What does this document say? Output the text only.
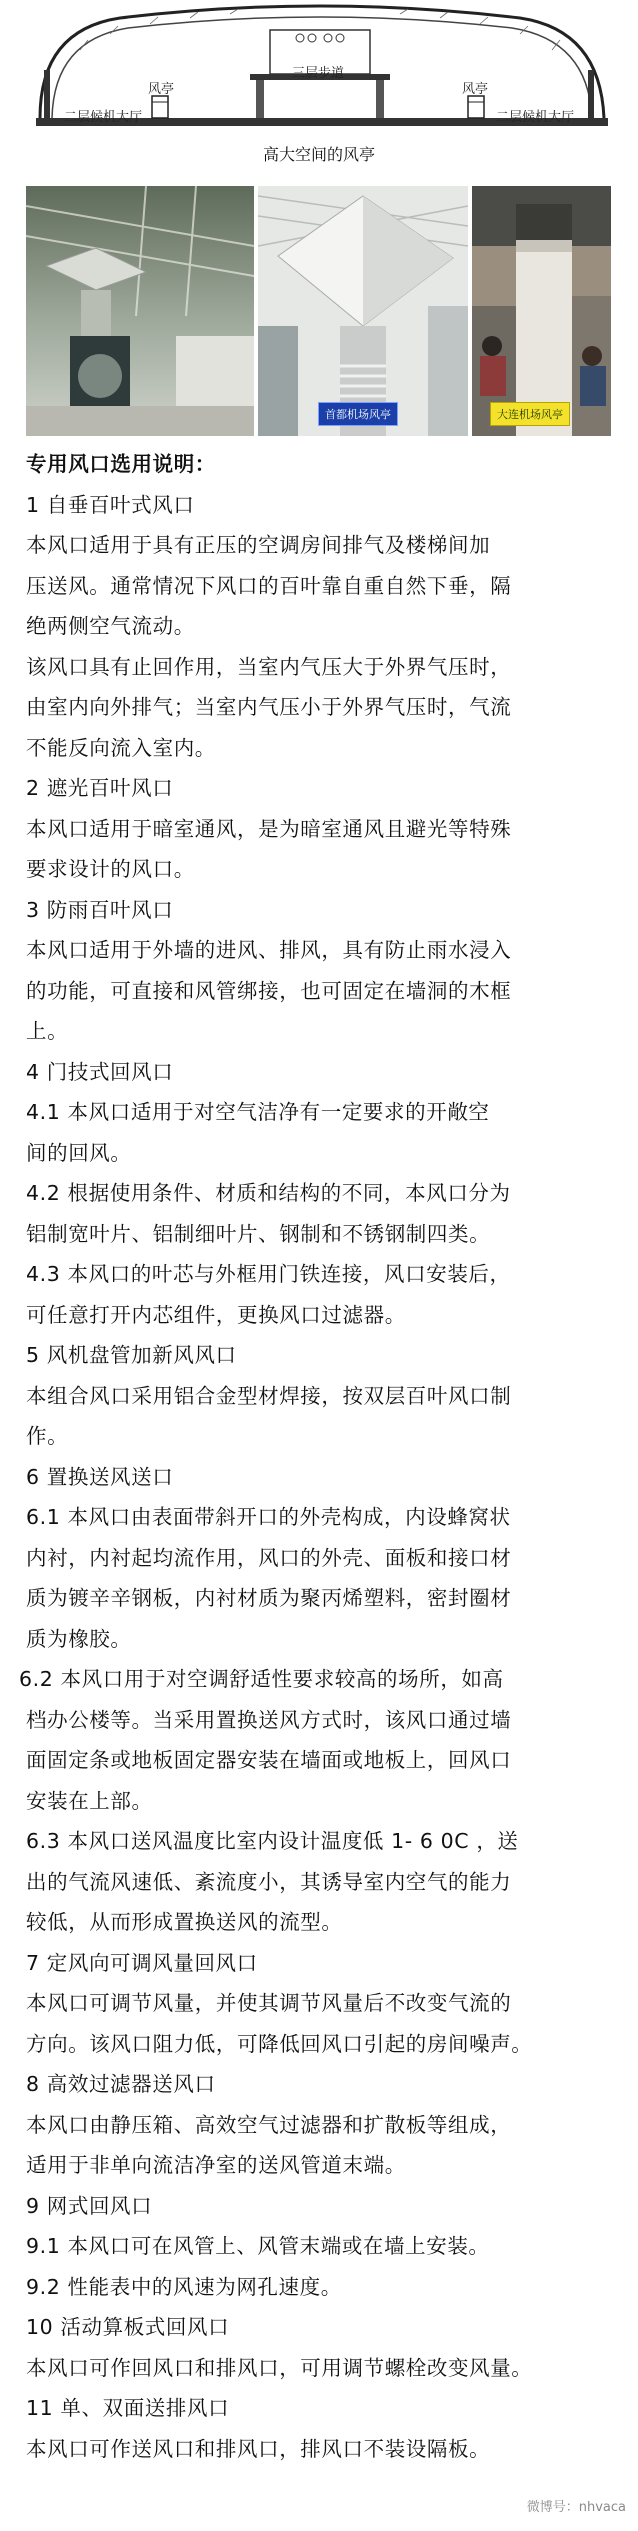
风亭	风亭
三层步道
二层候机大厅	二层候机大厅
高大空间的风亭
首都机场风亭	大连机场风亭
专用风口选用说明：
1 自垂百叶式风口
本风口适用于具有正压的空调房间排气及楼梯间加
压送风。通常情况下风口的百叶靠自重自然下垂，隔
绝两侧空气流动。
该风口具有止回作用，当室内气压大于外界气压时，
由室内向外排气；当室内气压小于外界气压时，气流
不能反向流入室内。
2 遮光百叶风口
本风口适用于暗室通风，是为暗室通风且避光等特殊
要求设计的风口。
3 防雨百叶风口
本风口适用于外墙的进风、排风，具有防止雨水浸入
的功能，可直接和风管绑接，也可固定在墙洞的木框
上。
4 门技式回风口
4.1 本风口适用于对空气洁净有一定要求的开敞空
间的回风。
4.2 根据使用条件、材质和结构的不同，本风口分为
铝制宽叶片、铝制细叶片、钢制和不锈钢制四类。
4.3 本风口的叶芯与外框用门铁连接，风口安装后，
可任意打开内芯组件，更换风口过滤器。
5 风机盘管加新风风口
本组合风口采用铝合金型材焊接，按双层百叶风口制
作。
6 置换送风送口
6.1 本风口由表面带斜开口的外壳构成，内设蜂窝状
内衬，内衬起均流作用，风口的外壳、面板和接口材
质为镀辛辛钢板，内衬材质为聚丙烯塑料，密封圈材
质为橡胶。
6.2 本风口用于对空调舒适性要求较高的场所，如高
档办公楼等。当采用置换送风方式时，该风口通过墙
面固定条或地板固定器安装在墙面或地板上，回风口
安装在上部。
6.3 本风口送风温度比室内设计温度低 1- 6 0C ，送
出的气流风速低、紊流度小，其诱导室内空气的能力
较低，从而形成置换送风的流型。
7 定风向可调风量回风口
本风口可调节风量，并使其调节风量后不改变气流的
方向。该风口阻力低，可降低回风口引起的房间噪声。
8 高效过滤器送风口
本风口由静压箱、高效空气过滤器和扩散板等组成，
适用于非单向流洁净室的送风管道末端。
9 网式回风口
9.1 本风口可在风管上、风管末端或在墙上安装。
9.2 性能表中的风速为网孔速度。
10 活动算板式回风口
本风口可作回风口和排风口，可用调节螺栓改变风量。
11 单、双面送排风口
本风口可作送风口和排风口，排风口不装设隔板。
微博号：nhvaca
